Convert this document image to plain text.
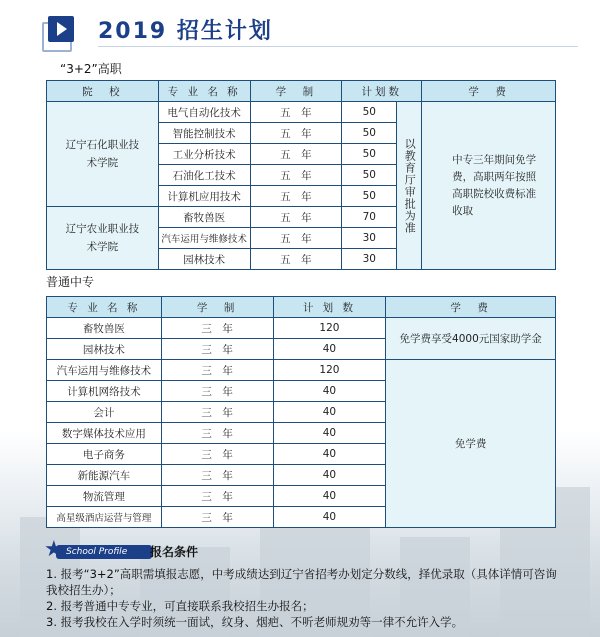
2019 招生计划
“3+2”高职
院　校	专 业 名 称	学　制	计划数		学　费
辽宁石化职业技术学院	电气自动化技术	五　年	50	以教育厅审批为准	中专三年期间免学费，高职两年按照高职院校收费标准收取

	智能控制技术	五　年	50		
	工业分析技术	五　年	50		
	石油化工技术	五　年	50		
	计算机应用技术	五　年	50		
辽宁农业职业技术学院	畜牧兽医	五　年	70		
	汽车运用与维修技术	五　年	30		
	园林技术	五　年	30		
普通中专
专 业 名 称	学　制	计 划 数	学　费
畜牧兽医	三　年	120	免学费享受4000元国家助学金
园林技术	三　年	40	
汽车运用与维修技术	三　年	120	免学费
计算机网络技术	三　年	40	
会计	三　年	40	
数字媒体技术应用	三　年	40	
电子商务	三　年	40	
新能源汽车	三　年	40	
物流管理	三　年	40	
高星级酒店运营与管理	三　年	40	
School Profile
★	报名条件
1. 报考“3+2”高职需填报志愿，中考成绩达到辽宁省招考办划定分数线，择优录取（具体详情可咨询我校招生办）；
2. 报考普通中专专业，可直接联系我校招生办报名；
3. 报考我校在入学时须统一面试，纹身、烟疤、不听老师规劝等一律不允许入学。
